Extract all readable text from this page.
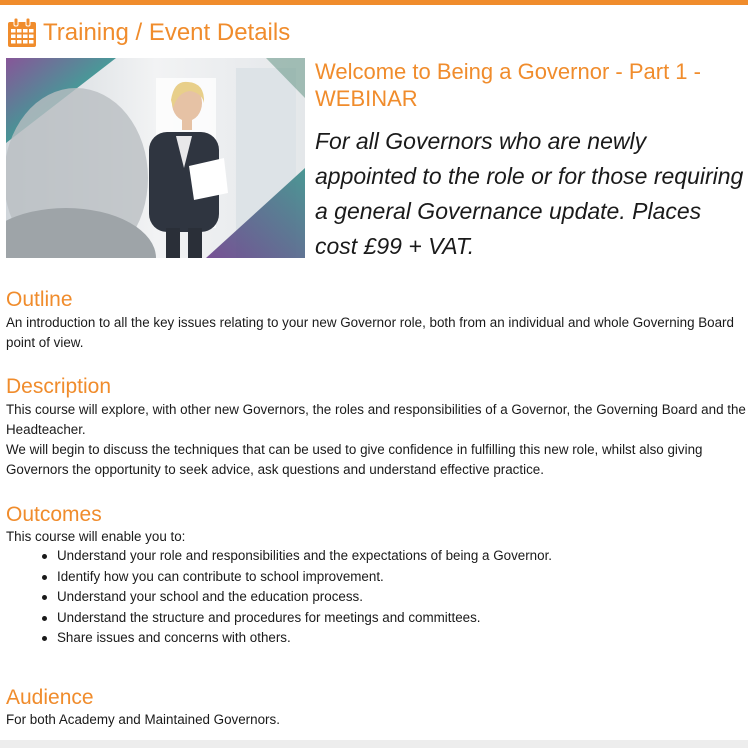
Training / Event Details
Welcome to Being a Governor - Part 1 - WEBINAR

For all Governors who are newly appointed to the role or for those requiring a general Governance update. Places cost £99 + VAT.

Outline

An introduction to all the key issues relating to your new Governor role, both from an individual and whole Governing Board point of view.

Description

This course will explore, with other new Governors, the roles and responsibilities of a Governor, the Governing Board and the Headteacher.

We will begin to discuss the techniques that can be used to give confidence in fulfilling this new role, whilst also giving Governors the opportunity to seek advice, ask questions and understand effective practice.

Outcomes

This course will enable you to:

Understand your role and responsibilities and the expectations of being a Governor.
Identify how you can contribute to school improvement.
Understand your school and the education process.
Understand the structure and procedures for meetings and committees.
Share issues and concerns with others.
Audience

For both Academy and Maintained Governors.
